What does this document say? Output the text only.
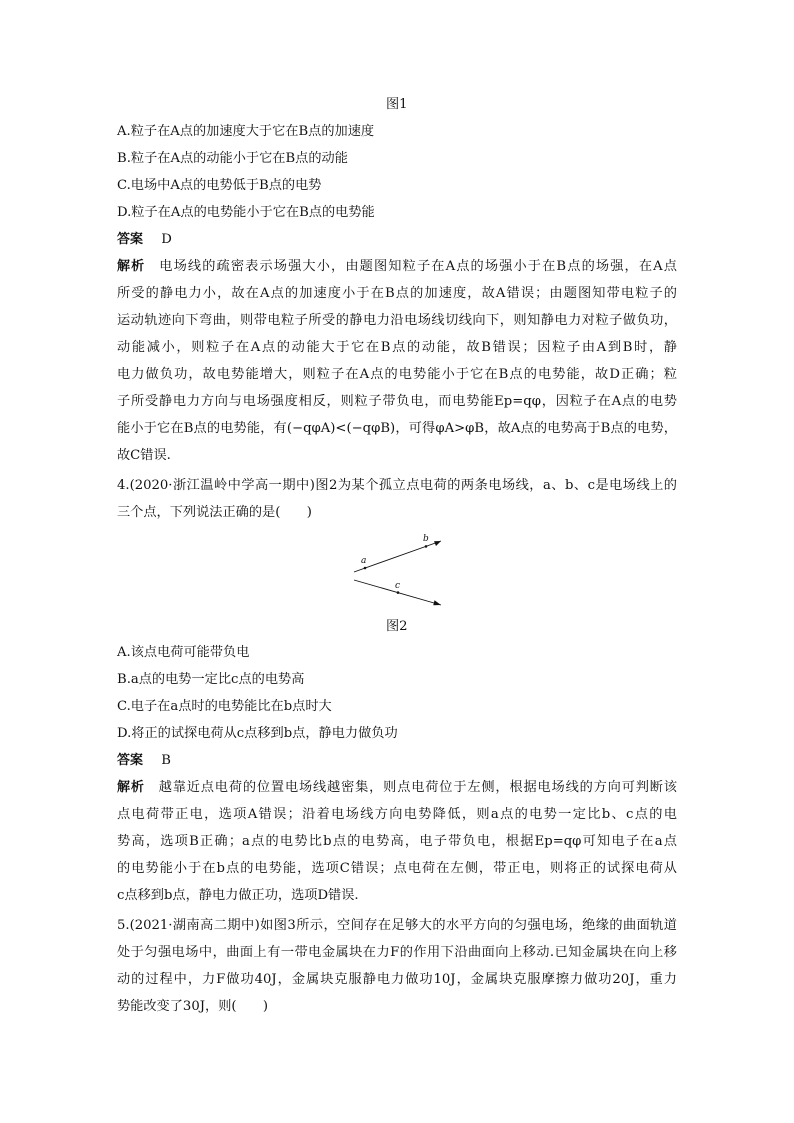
图1
A.粒子在A点的加速度大于它在B点的加速度
B.粒子在A点的动能小于它在B点的动能
C.电场中A点的电势低于B点的电势
D.粒子在A点的电势能小于它在B点的电势能
答案 D
解析 电场线的疏密表示场强大小，由题图知粒子在A点的场强小于在B点的场强，在A点
所受的静电力小，故在A点的加速度小于在B点的加速度，故A错误；由题图知带电粒子的
运动轨迹向下弯曲，则带电粒子所受的静电力沿电场线切线向下，则知静电力对粒子做负功，
动能减小，则粒子在A点的动能大于它在B点的动能，故B错误；因粒子由A到B时，静
电力做负功，故电势能增大，则粒子在A点的电势能小于它在B点的电势能，故D正确；粒
子所受静电力方向与电场强度相反，则粒子带负电，而电势能Ep=qφ，因粒子在A点的电势
能小于它在B点的电势能，有(−qφA)<(−qφB)，可得φA>φB，故A点的电势高于B点的电势，
故C错误.
4.(2020·浙江温岭中学高一期中)图2为某个孤立点电荷的两条电场线，a、b、c是电场线上的
三个点，下列说法正确的是(　　)
a
b
c
图2
A.该点电荷可能带负电
B.a点的电势一定比c点的电势高
C.电子在a点时的电势能比在b点时大
D.将正的试探电荷从c点移到b点，静电力做负功
答案 B
解析 越靠近点电荷的位置电场线越密集，则点电荷位于左侧，根据电场线的方向可判断该
点电荷带正电，选项A错误；沿着电场线方向电势降低，则a点的电势一定比b、c点的电
势高，选项B正确；a点的电势比b点的电势高，电子带负电，根据Ep=qφ可知电子在a点
的电势能小于在b点的电势能，选项C错误；点电荷在左侧，带正电，则将正的试探电荷从
c点移到b点，静电力做正功，选项D错误.
5.(2021·湖南高二期中)如图3所示，空间存在足够大的水平方向的匀强电场，绝缘的曲面轨道
处于匀强电场中，曲面上有一带电金属块在力F的作用下沿曲面向上移动.已知金属块在向上移
动的过程中，力F做功40J，金属块克服静电力做功10J，金属块克服摩擦力做功20J，重力
势能改变了30J，则(　　)
